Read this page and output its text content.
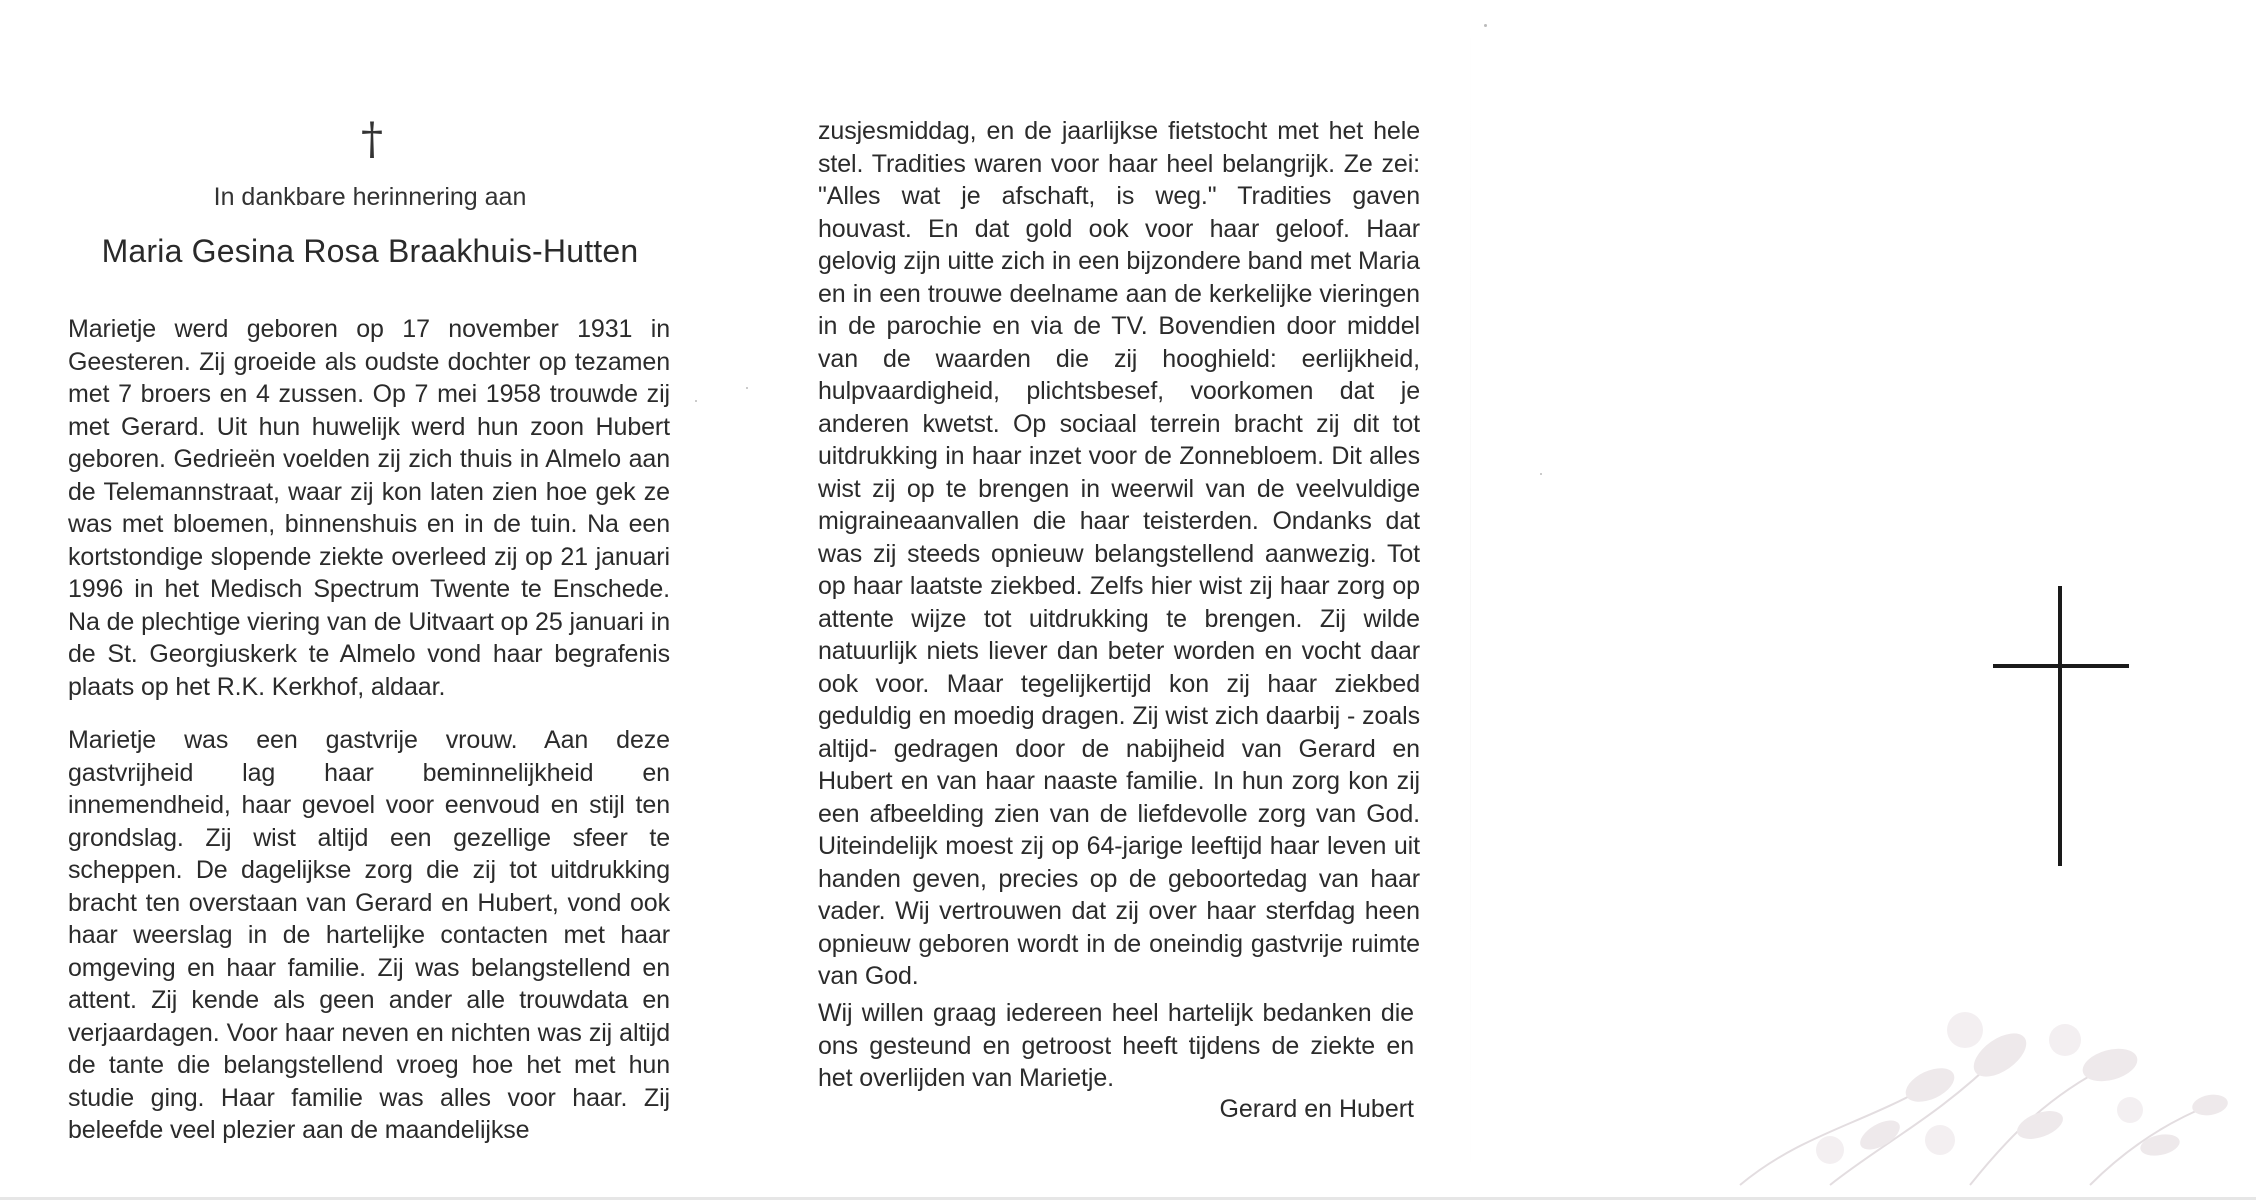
†
In dankbare herinnering aan
Maria Gesina Rosa Braakhuis-Hutten

Marietje werd geboren op 17 november 1931 in Geesteren. Zij groeide als oudste dochter op tezamen met 7 broers en 4 zussen. Op 7 mei 1958 trouwde zij met Gerard. Uit hun huwelijk werd hun zoon Hubert geboren. Gedrieën voelden zij zich thuis in Almelo aan de Telemannstraat, waar zij kon laten zien hoe gek ze was met bloemen, binnenshuis en in de tuin. Na een kortstondige slopende ziekte overleed zij op 21 januari 1996 in het Medisch Spectrum Twente te Enschede. Na de plechtige viering van de Uitvaart op 25 januari in de St. Georgiuskerk te Almelo vond haar begrafenis plaats op het R.K. Kerkhof, aldaar.

Marietje was een gastvrije vrouw. Aan deze gastvrijheid lag haar beminnelijkheid en innemendheid, haar gevoel voor eenvoud en stijl ten grondslag. Zij wist altijd een gezellige sfeer te scheppen. De dagelijkse zorg die zij tot uitdrukking bracht ten overstaan van Gerard en Hubert, vond ook haar weerslag in de hartelijke contacten met haar omgeving en haar familie. Zij was belangstellend en attent. Zij kende als geen ander alle trouwdata en verjaardagen. Voor haar neven en nichten was zij altijd de tante die belangstellend vroeg hoe het met hun studie ging. Haar familie was alles voor haar. Zij beleefde veel plezier aan de maandelijkse

zusjesmiddag, en de jaarlijkse fietstocht met het hele stel. Tradities waren voor haar heel belangrijk. Ze zei: "Alles wat je afschaft, is weg." Tradities gaven houvast. En dat gold ook voor haar geloof. Haar gelovig zijn uitte zich in een bijzondere band met Maria en in een trouwe deelname aan de kerkelijke vieringen in de parochie en via de TV. Bovendien door middel van de waarden die zij hooghield: eerlijkheid, hulpvaardigheid, plichtsbesef, voorkomen dat je anderen kwetst. Op sociaal terrein bracht zij dit tot uitdrukking in haar inzet voor de Zonnebloem. Dit alles wist zij op te brengen in weerwil van de veelvuldige migraineaanvallen die haar teisterden. Ondanks dat was zij steeds opnieuw belangstellend aanwezig. Tot op haar laatste ziekbed. Zelfs hier wist zij haar zorg op attente wijze tot uitdrukking te brengen. Zij wilde natuurlijk niets liever dan beter worden en vocht daar ook voor. Maar tegelijkertijd kon zij haar ziekbed geduldig en moedig dragen. Zij wist zich daarbij - zoals altijd- gedragen door de nabijheid van Gerard en Hubert en van haar naaste familie. In hun zorg kon zij een afbeelding zien van de liefdevolle zorg van God. Uiteindelijk moest zij op 64-jarige leeftijd haar leven uit handen geven, precies op de geboortedag van haar vader. Wij vertrouwen dat zij over haar sterfdag heen opnieuw geboren wordt in de oneindig gastvrije ruimte van God.

Wij willen graag iedereen heel hartelijk bedanken die ons gesteund en getroost heeft tijdens de ziekte en het overlijden van Marietje.

Gerard en Hubert
